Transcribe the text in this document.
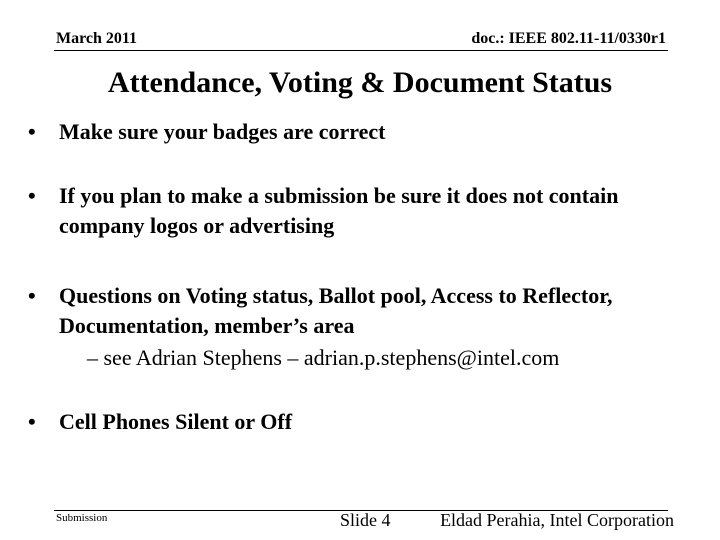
March 2011	doc.: IEEE 802.11-11/0330r1
Attendance, Voting & Document Status
• Make sure your badges are correct
• If you plan to make a submission be sure it does not contain company logos or advertising
• Questions on Voting status, Ballot pool, Access to Reflector, Documentation, member’s area
– see Adrian Stephens – adrian.p.stephens@intel.com
• Cell Phones Silent or Off
Submission	Slide 4	Eldad Perahia, Intel Corporation
